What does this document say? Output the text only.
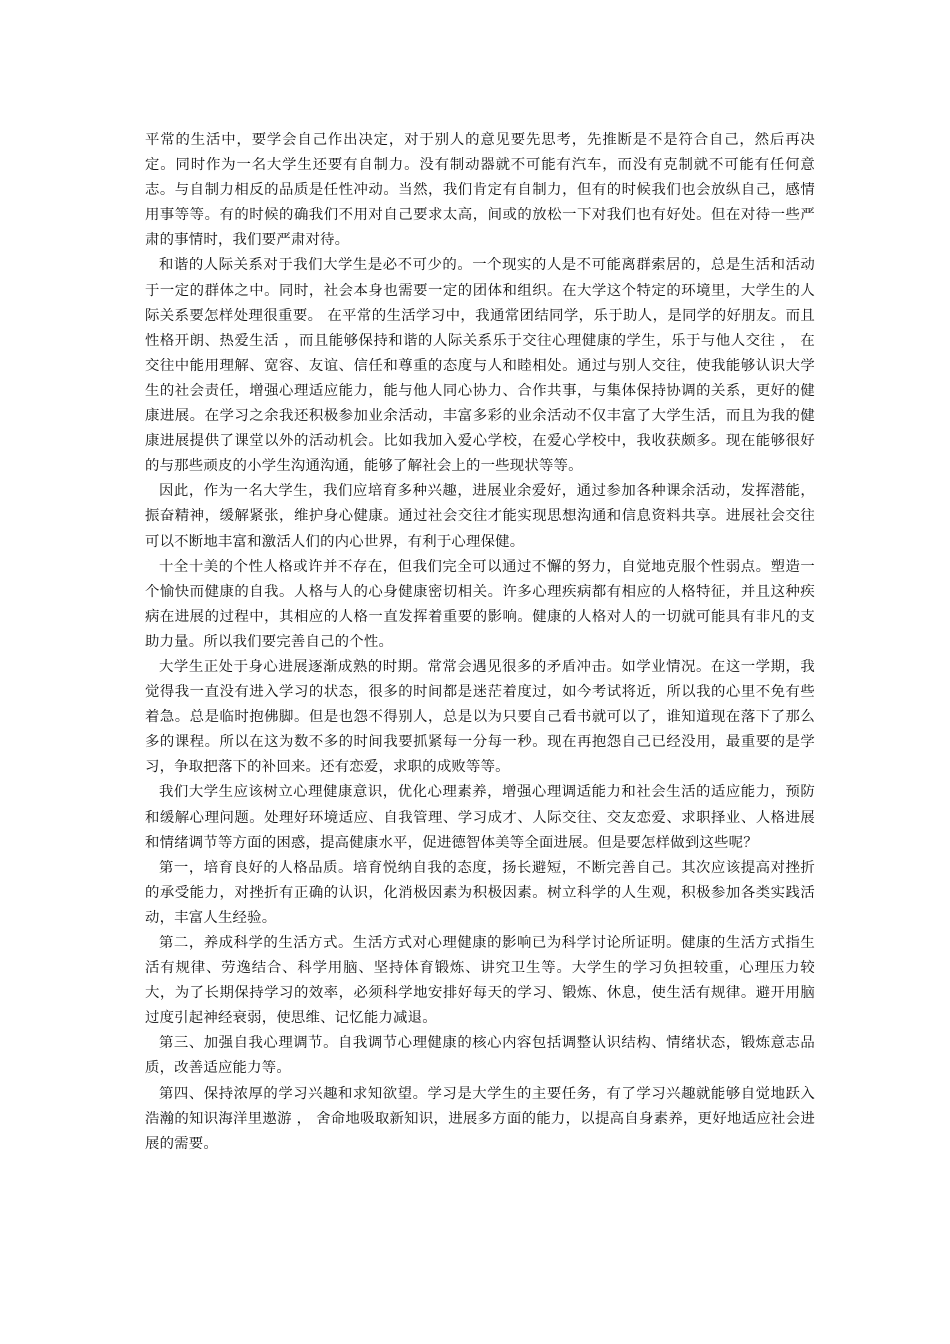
平常的生活中，要学会自己作出决定，对于别人的意见要先思考，先推断是不是符合自己，然后再决定。同时作为一名大学生还要有自制力。没有制动器就不可能有汽车，而没有克制就不可能有任何意志。与自制力相反的品质是任性冲动。当然，我们肯定有自制力，但有的时候我们也会放纵自己，感情用事等等。有的时候的确我们不用对自己要求太高，间或的放松一下对我们也有好处。但在对待一些严肃的事情时，我们要严肃对待。

和谐的人际关系对于我们大学生是必不可少的。一个现实的人是不可能离群索居的，总是生活和活动于一定的群体之中。同时，社会本身也需要一定的团体和组织。在大学这个特定的环境里，大学生的人际关系要怎样处理很重要。 在平常的生活学习中，我通常团结同学，乐于助人，是同学的好朋友。而且性格开朗、热爱生活 ，而且能够保持和谐的人际关系乐于交往心理健康的学生，乐于与他人交往 ， 在交往中能用理解、宽容、友谊、信任和尊重的态度与人和睦相处。通过与别人交往，使我能够认识大学生的社会责任，增强心理适应能力，能与他人同心协力、合作共事，与集体保持协调的关系，更好的健康进展。在学习之余我还积极参加业余活动，丰富多彩的业余活动不仅丰富了大学生活，而且为我的健康进展提供了课堂以外的活动机会。比如我加入爱心学校，在爱心学校中，我收获颇多。现在能够很好的与那些顽皮的小学生沟通沟通，能够了解社会上的一些现状等等。

因此，作为一名大学生，我们应培育多种兴趣，进展业余爱好，通过参加各种课余活动，发挥潜能，振奋精神，缓解紧张，维护身心健康。通过社会交往才能实现思想沟通和信息资料共享。进展社会交往可以不断地丰富和激活人们的内心世界，有利于心理保健。

十全十美的个性人格或许并不存在，但我们完全可以通过不懈的努力，自觉地克服个性弱点。塑造一个愉快而健康的自我。人格与人的心身健康密切相关。许多心理疾病都有相应的人格特征，并且这种疾病在进展的过程中，其相应的人格一直发挥着重要的影响。健康的人格对人的一切就可能具有非凡的支助力量。所以我们要完善自己的个性。

大学生正处于身心进展逐渐成熟的时期。常常会遇见很多的矛盾冲击。如学业情况。在这一学期，我觉得我一直没有进入学习的状态，很多的时间都是迷茫着度过，如今考试将近，所以我的心里不免有些着急。总是临时抱佛脚。但是也怨不得别人，总是以为只要自己看书就可以了，谁知道现在落下了那么多的课程。所以在这为数不多的时间我要抓紧每一分每一秒。现在再抱怨自己已经没用，最重要的是学习，争取把落下的补回来。还有恋爱，求职的成败等等。

我们大学生应该树立心理健康意识，优化心理素养，增强心理调适能力和社会生活的适应能力，预防和缓解心理问题。处理好环境适应、自我管理、学习成才、人际交往、交友恋爱、求职择业、人格进展和情绪调节等方面的困惑，提高健康水平，促进德智体美等全面进展。但是要怎样做到这些呢？

第一，培育良好的人格品质。培育悦纳自我的态度，扬长避短，不断完善自己。其次应该提高对挫折的承受能力，对挫折有正确的认识，化消极因素为积极因素。树立科学的人生观，积极参加各类实践活动，丰富人生经验。

第二，养成科学的生活方式。生活方式对心理健康的影响已为科学讨论所证明。健康的生活方式指生活有规律、劳逸结合、科学用脑、坚持体育锻炼、讲究卫生等。大学生的学习负担较重，心理压力较大，为了长期保持学习的效率，必须科学地安排好每天的学习、锻炼、休息，使生活有规律。避开用脑过度引起神经衰弱，使思维、记忆能力减退。

第三、加强自我心理调节。自我调节心理健康的核心内容包括调整认识结构、情绪状态，锻炼意志品质，改善适应能力等。

第四、保持浓厚的学习兴趣和求知欲望。学习是大学生的主要任务，有了学习兴趣就能够自觉地跃入浩瀚的知识海洋里遨游 ， 舍命地吸取新知识，进展多方面的能力，以提高自身素养，更好地适应社会进展的需要。
